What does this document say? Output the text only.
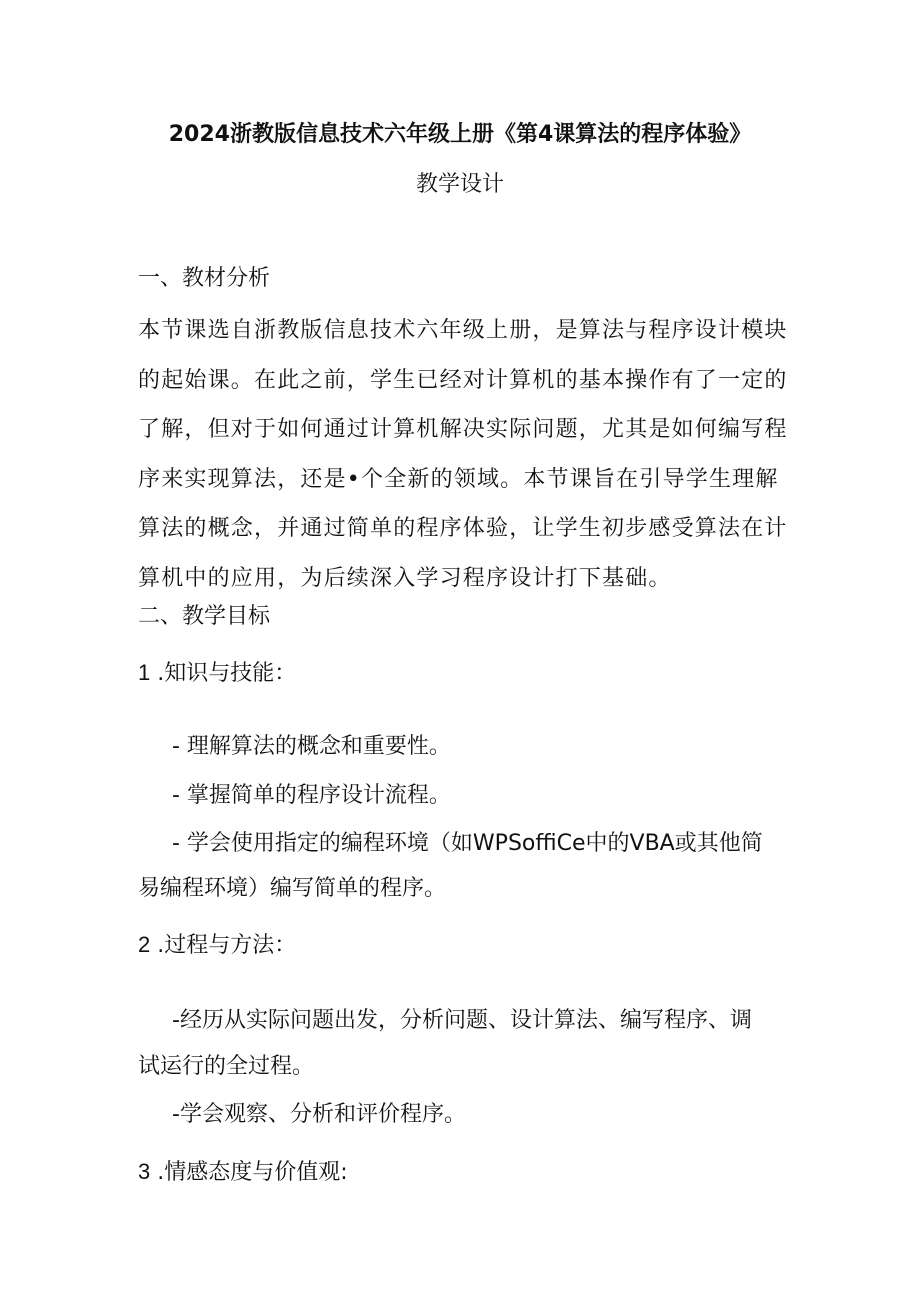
2024浙教版信息技术六年级上册《第4课算法的程序体验》
教学设计
一、教材分析
本节课选自浙教版信息技术六年级上册，是算法与程序设计模块
的起始课。在此之前，学生已经对计算机的基本操作有了一定的
了解，但对于如何通过计算机解决实际问题，尤其是如何编写程
序来实现算法，还是•个全新的领域。本节课旨在引导学生理解
算法的概念，并通过简单的程序体验，让学生初步感受算法在计
算机中的应用，为后续深入学习程序设计打下基础。
二、教学目标
1 .知识与技能：
- 理解算法的概念和重要性。
- 掌握简单的程序设计流程。
- 学会使用指定的编程环境（如WPSoffiCe中的VBA或其他简
易编程环境）编写简单的程序。
2 .过程与方法：
-经历从实际问题出发，分析问题、设计算法、编写程序、调
试运行的全过程。
-学会观察、分析和评价程序。
3 .情感态度与价值观:
